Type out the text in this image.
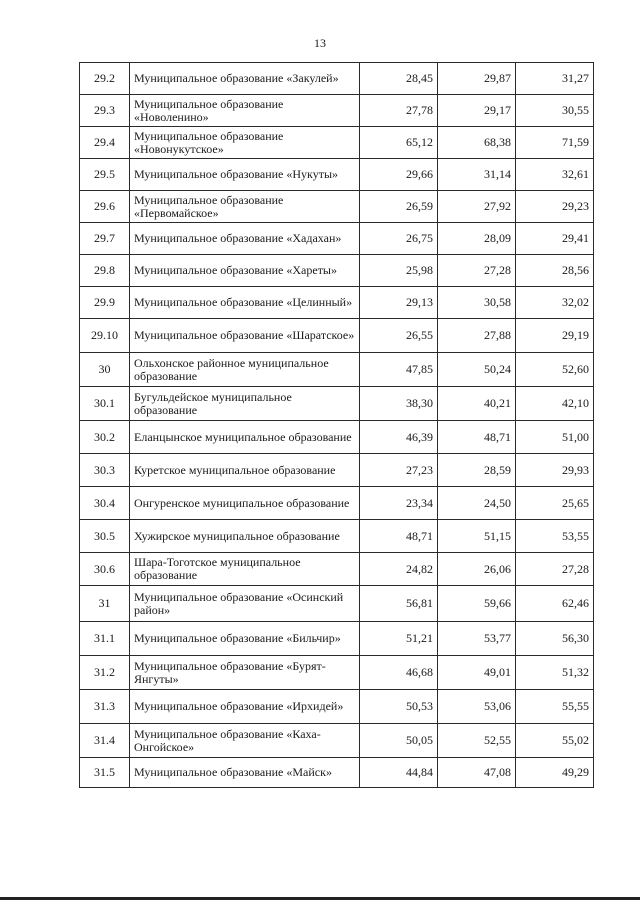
13
29.2	Муниципальное образование «Закулей»	28,45	29,87	31,27
29.3	Муниципальное образование «Новоленино»	27,78	29,17	30,55
29.4	Муниципальное образование «Новонукутское»	65,12	68,38	71,59
29.5	Муниципальное образование «Нукуты»	29,66	31,14	32,61
29.6	Муниципальное образование «Первомайское»	26,59	27,92	29,23
29.7	Муниципальное образование «Хадахан»	26,75	28,09	29,41
29.8	Муниципальное образование «Хареты»	25,98	27,28	28,56
29.9	Муниципальное образование «Целинный»	29,13	30,58	32,02
29.10	Муниципальное образование «Шаратское»	26,55	27,88	29,19
30	Ольхонское районное муниципальное образование	47,85	50,24	52,60
30.1	Бугульдейское муниципальное образование	38,30	40,21	42,10
30.2	Еланцынское муниципальное образование	46,39	48,71	51,00
30.3	Куретское муниципальное образование	27,23	28,59	29,93
30.4	Онгуренское муниципальное образование	23,34	24,50	25,65
30.5	Хужирское муниципальное образование	48,71	51,15	53,55
30.6	Шара-Тоготское муниципальное образование	24,82	26,06	27,28
31	Муниципальное образование «Осинский район»	56,81	59,66	62,46
31.1	Муниципальное образование «Бильчир»	51,21	53,77	56,30
31.2	Муниципальное образование «Бурят-Янгуты»	46,68	49,01	51,32
31.3	Муниципальное образование «Ирхидей»	50,53	53,06	55,55
31.4	Муниципальное образование «Каха-Онгойское»	50,05	52,55	55,02
31.5	Муниципальное образование «Майск»	44,84	47,08	49,29
